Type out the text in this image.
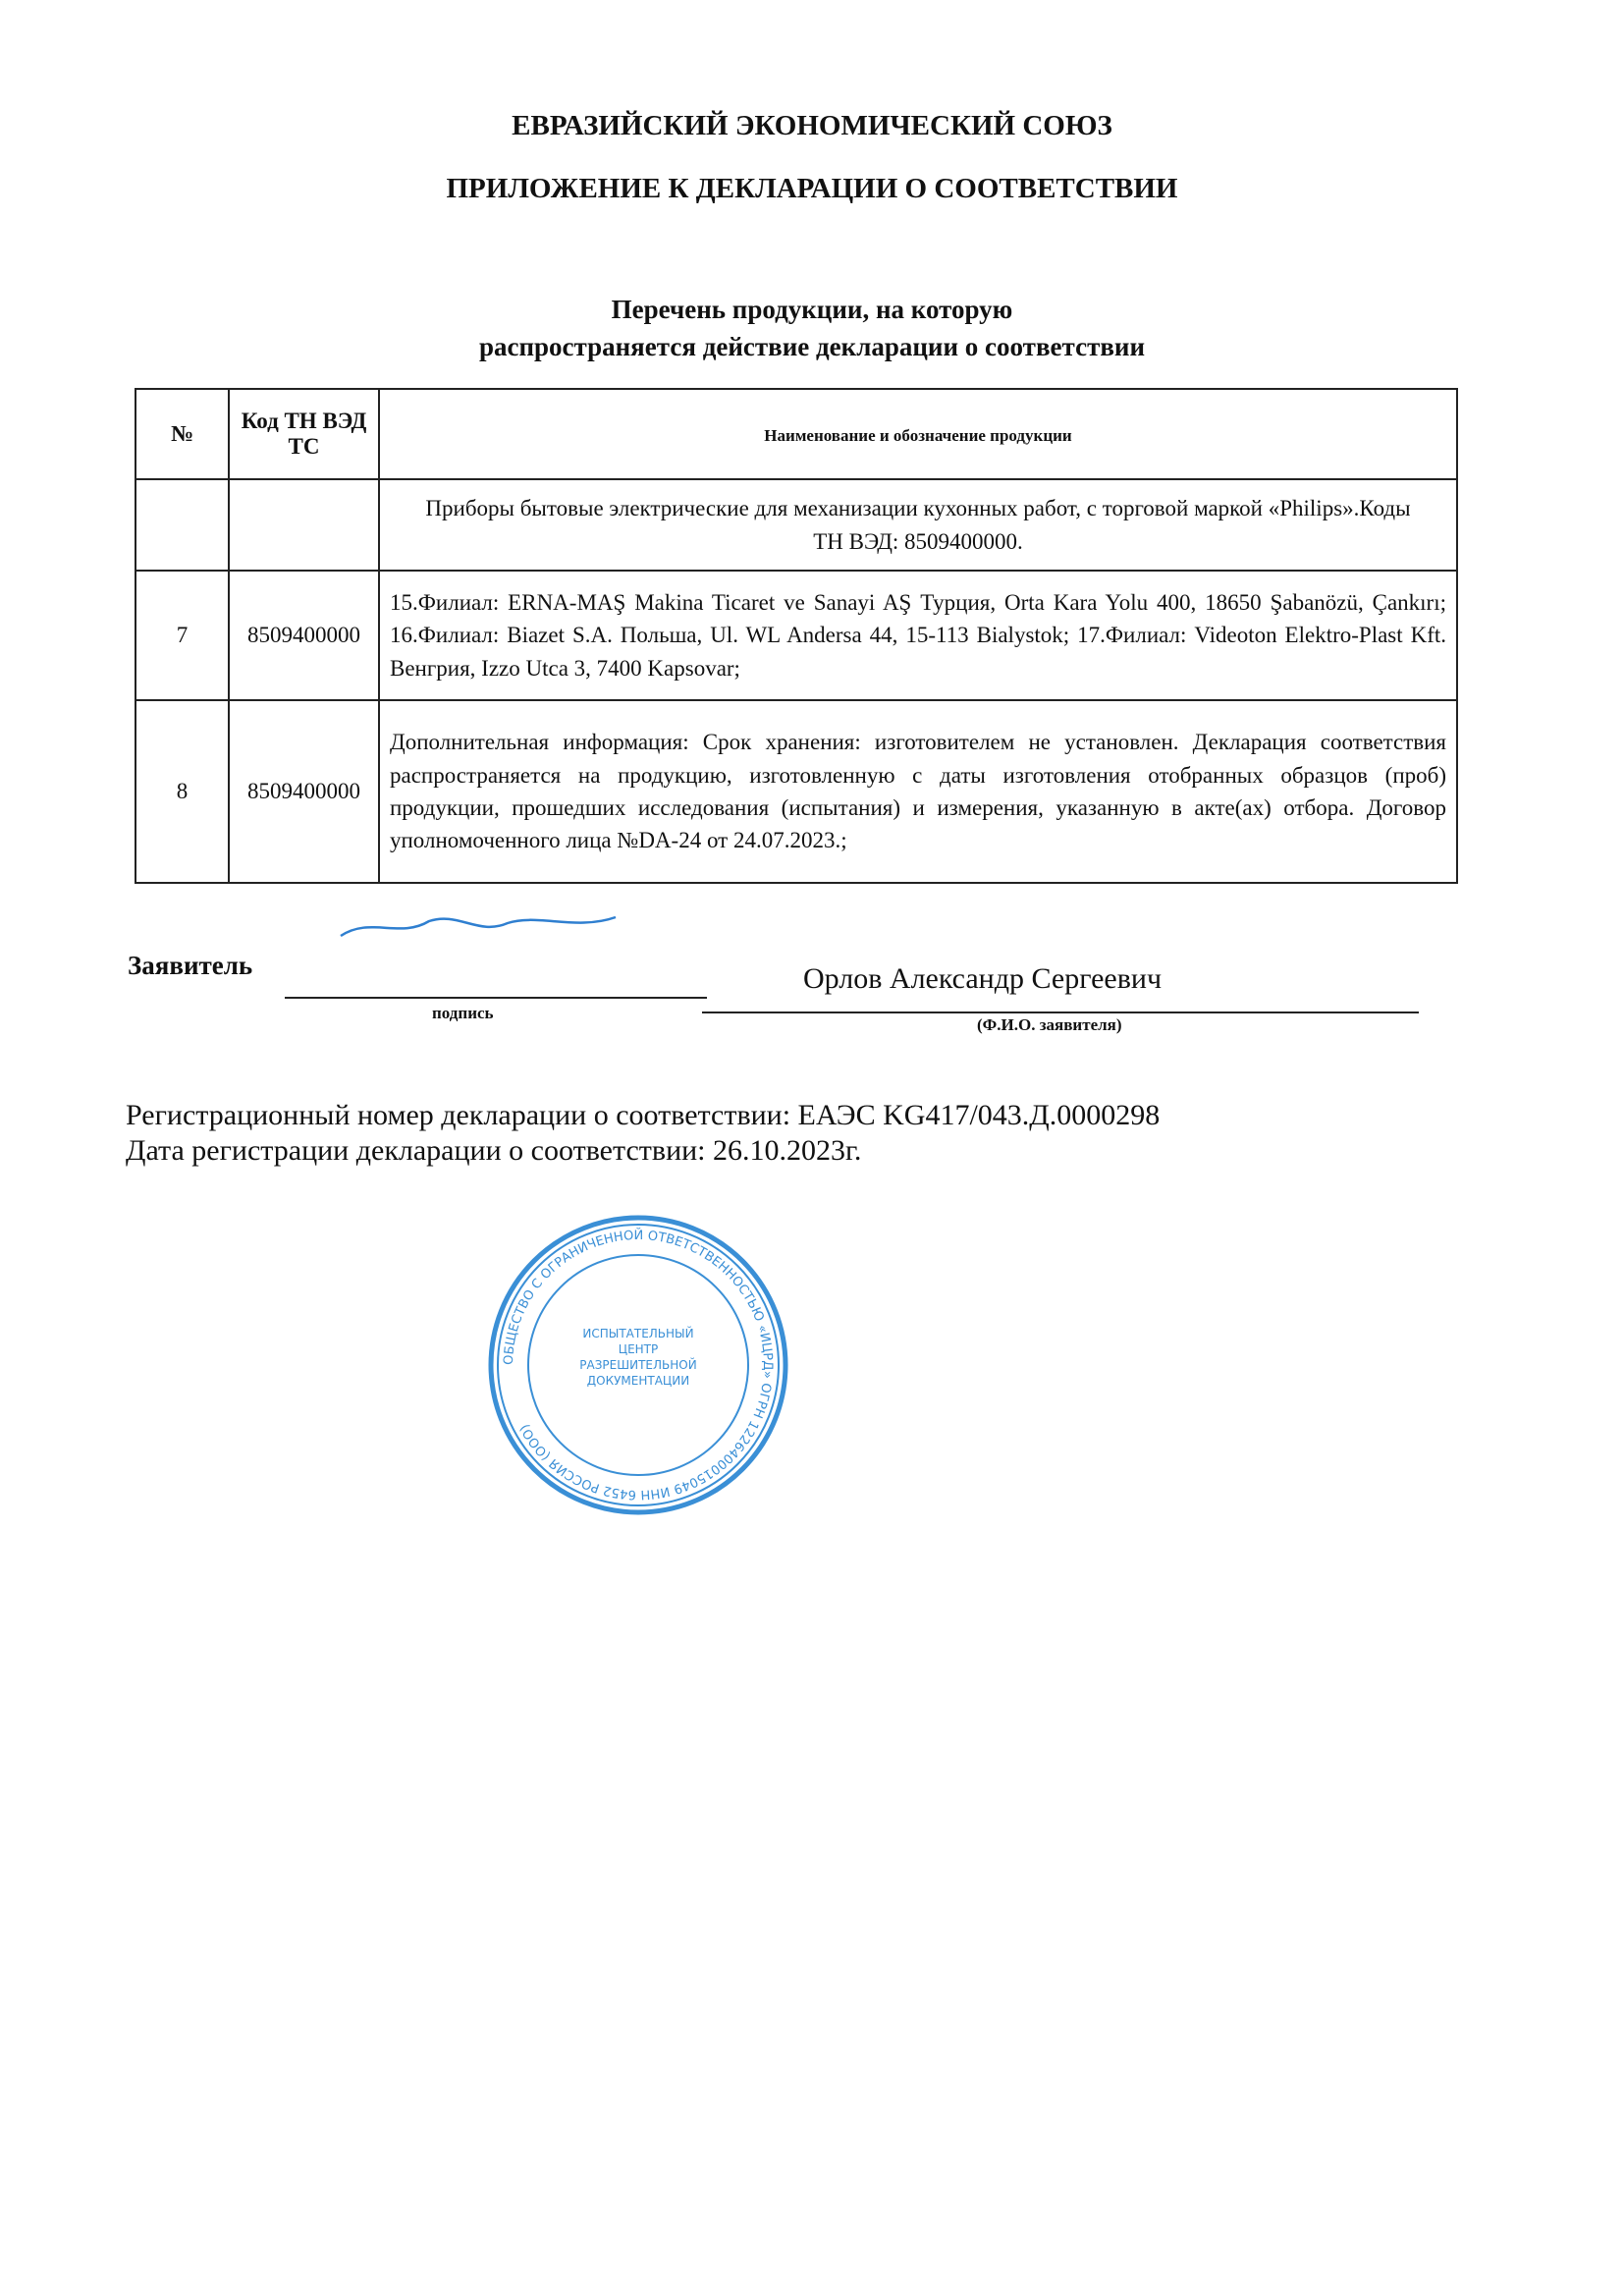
ЕВРАЗИЙСКИЙ ЭКОНОМИЧЕСКИЙ СОЮЗ
ПРИЛОЖЕНИЕ К ДЕКЛАРАЦИИ О СООТВЕТСТВИИ
Перечень продукции, на которую
распространяется действие декларации о соответствии
№	Код ТН ВЭД ТС	Наименование и обозначение продукции
		Приборы бытовые электрические для механизации кухонных работ, с торговой маркой «Philips».Коды ТН ВЭД: 8509400000.
7	8509400000	15.Филиал: ERNA-MAŞ Makina Ticaret ve Sanayi AŞ Турция, Orta Kara Yolu 400, 18650 Şabanözü, Çankırı; 16.Филиал: Biazet S.A. Польша, Ul. WL Andersa 44, 15-113 Bialystok; 17.Филиал: Videoton Elektro-Plast Kft. Венгрия, Izzo Utca 3, 7400 Kapsovar;
8	8509400000	Дополнительная информация: Срок хранения: изготовителем не установлен. Декларация соответствия распространяется на продукцию, изготовленную с даты изготовления отобранных образцов (проб) продукции, прошедших исследования (испытания) и измерения, указанную в акте(ах) отбора. Договор уполномоченного лица №DA-24 от 24.07.2023.;
Заявитель
подпись
Орлов Александр Сергеевич
(Ф.И.О. заявителя)
Регистрационный номер декларации о соответствии: ЕАЭС KG417/043.Д.0000298
Дата регистрации декларации о соответствии: 26.10.2023г.
ОБЩЕСТВО С ОГРАНИЧЕННОЙ ОТВЕТСТВЕННОСТЬЮ «ИЦРД» ОГРН 1226400015049 ИНН 6452 РОССИЯ (ООО)
ИСПЫТАТЕЛЬНЫЙ ЦЕНТР РАЗРЕШИТЕЛЬНОЙ ДОКУМЕНТАЦИИ
